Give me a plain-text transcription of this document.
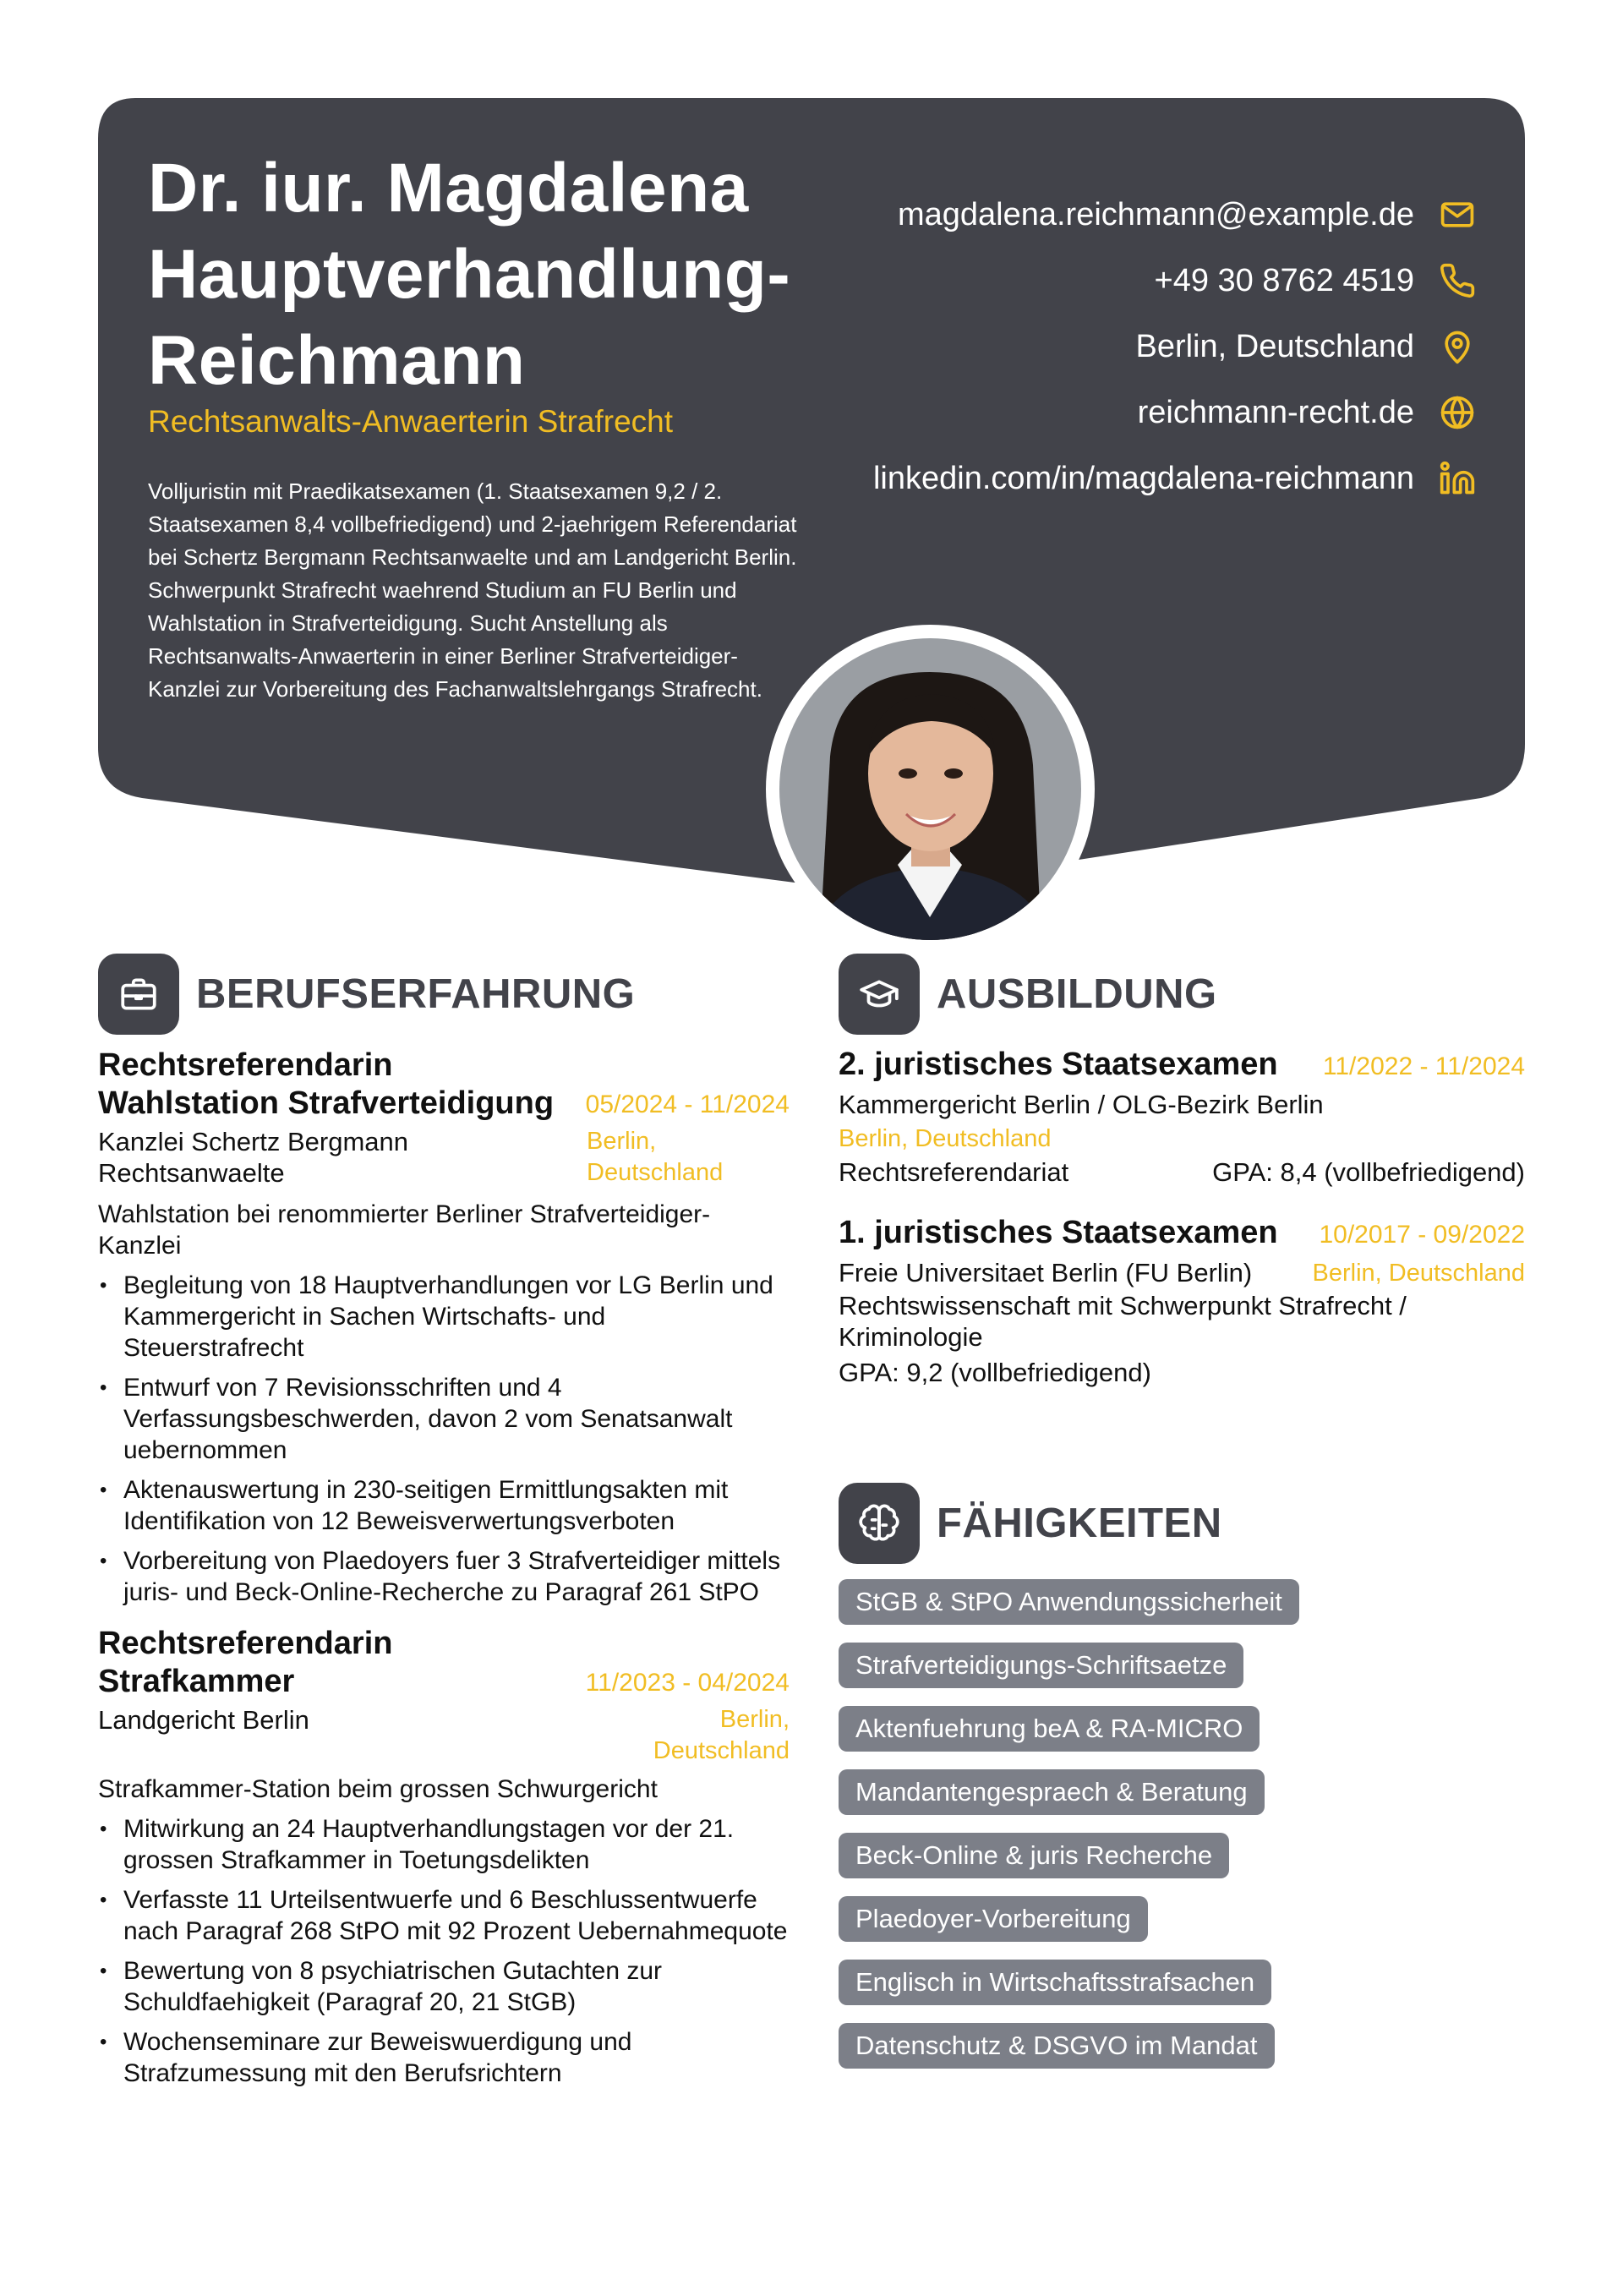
Dr. iur. Magdalena
Hauptverhandlung-
Reichmann
Rechtsanwalts-Anwaerterin Strafrecht
Volljuristin mit Praedikatsexamen (1. Staatsexamen 9,2 / 2. Staatsexamen 8,4 vollbefriedigend) und 2-jaehrigem Referendariat bei Schertz Bergmann Rechtsanwaelte und am Landgericht Berlin. Schwerpunkt Strafrecht waehrend Studium an FU Berlin und Wahlstation in Strafverteidigung. Sucht Anstellung als Rechtsanwalts-Anwaerterin in einer Berliner Strafverteidiger-Kanzlei zur Vorbereitung des Fachanwaltslehrgangs Strafrecht.
magdalena.reichmann@example.de
+49 30 8762 4519
Berlin, Deutschland
reichmann-recht.de
linkedin.com/in/magdalena-reichmann
BERUFSERFAHRUNG
Rechtsreferendarin
Wahlstation Strafverteidigung 05/2024 - 11/2024
Kanzlei Schertz Bergmann Rechtsanwaelte
Berlin, Deutschland
Wahlstation bei renommierter Berliner Strafverteidiger-Kanzlei
• Begleitung von 18 Hauptverhandlungen vor LG Berlin und Kammergericht in Sachen Wirtschafts- und Steuerstrafrecht
• Entwurf von 7 Revisionsschriften und 4 Verfassungsbeschwerden, davon 2 vom Senatsanwalt uebernommen
• Aktenauswertung in 230-seitigen Ermittlungsakten mit Identifikation von 12 Beweisverwertungsverboten
• Vorbereitung von Plaedoyers fuer 3 Strafverteidiger mittels juris- und Beck-Online-Recherche zu Paragraf 261 StPO
Rechtsreferendarin
Strafkammer	11/2023 - 04/2024
Landgericht Berlin	Berlin, Deutschland
Strafkammer-Station beim grossen Schwurgericht
• Mitwirkung an 24 Hauptverhandlungstagen vor der 21. grossen Strafkammer in Toetungsdelikten
• Verfasste 11 Urteilsentwuerfe und 6 Beschlussentwuerfe nach Paragraf 268 StPO mit 92 Prozent Uebernahmequote
• Bewertung von 8 psychiatrischen Gutachten zur Schuldfaehigkeit (Paragraf 20, 21 StGB)
• Wochenseminare zur Beweiswuerdigung und Strafzumessung mit den Berufsrichtern
AUSBILDUNG
2. juristisches Staatsexamen 11/2022 - 11/2024
Kammergericht Berlin / OLG-Bezirk Berlin
Berlin, Deutschland
Rechtsreferendariat	GPA: 8,4 (vollbefriedigend)
1. juristisches Staatsexamen 10/2017 - 09/2022
Freie Universitaet Berlin (FU Berlin) Berlin, Deutschland
Rechtswissenschaft mit Schwerpunkt Strafrecht / Kriminologie
GPA: 9,2 (vollbefriedigend)
FÄHIGKEITEN
StGB & StPO Anwendungssicherheit
Strafverteidigungs-Schriftsaetze
Aktenfuehrung beA & RA-MICRO
Mandantengespraech & Beratung
Beck-Online & juris Recherche
Plaedoyer-Vorbereitung
Englisch in Wirtschaftsstrafsachen
Datenschutz & DSGVO im Mandat
